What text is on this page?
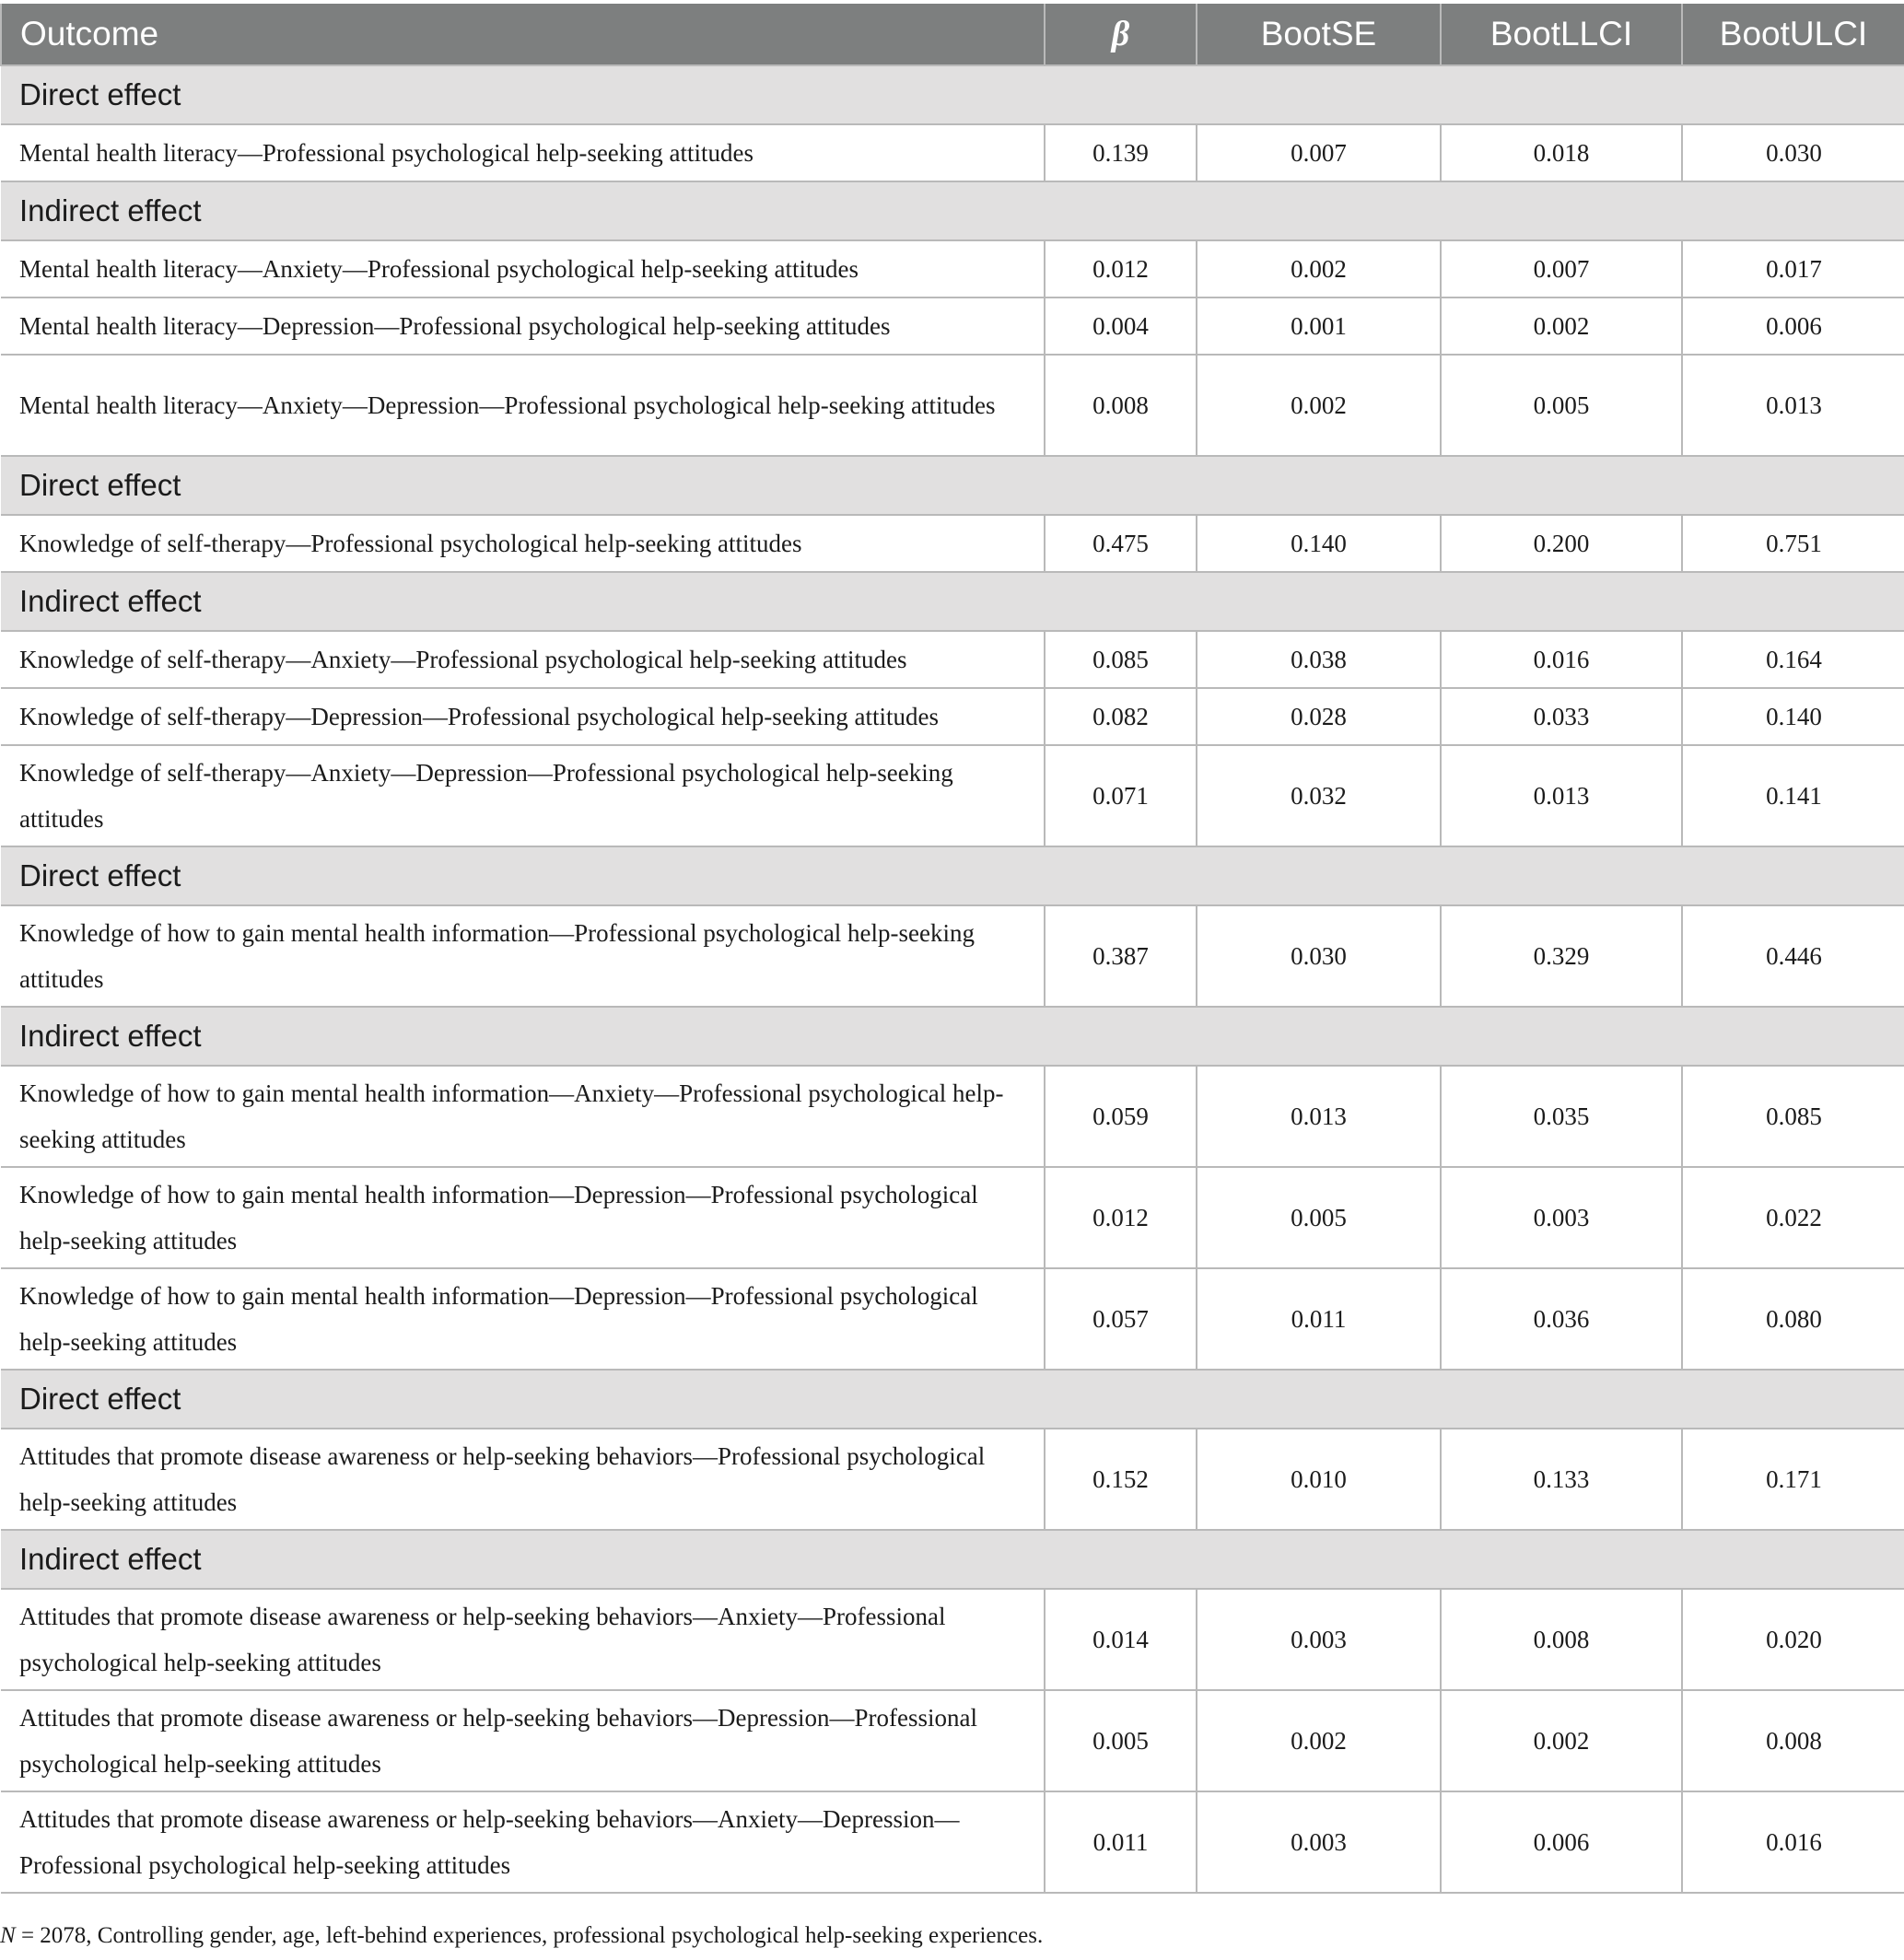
Outcome	β	BootSE	BootLLCI	BootULCI
Direct effect				
Mental health literacy—Professional psychological help-seeking attitudes	0.139	0.007	0.018	0.030
Indirect effect				
Mental health literacy—Anxiety—Professional psychological help-seeking attitudes	0.012	0.002	0.007	0.017
Mental health literacy—Depression—Professional psychological help-seeking attitudes	0.004	0.001	0.002	0.006
Mental health literacy—Anxiety—Depression—Professional psychological help-seeking attitudes	0.008	0.002	0.005	0.013
Direct effect				
Knowledge of self-therapy—Professional psychological help-seeking attitudes	0.475	0.140	0.200	0.751
Indirect effect				
Knowledge of self-therapy—Anxiety—Professional psychological help-seeking attitudes	0.085	0.038	0.016	0.164
Knowledge of self-therapy—Depression—Professional psychological help-seeking attitudes	0.082	0.028	0.033	0.140
Knowledge of self-therapy—Anxiety—Depression—Professional psychological help-seeking attitudes	0.071	0.032	0.013	0.141
Direct effect				
Knowledge of how to gain mental health information—Professional psychological help-seeking attitudes	0.387	0.030	0.329	0.446
Indirect effect				
Knowledge of how to gain mental health information—Anxiety—Professional psychological help-seeking attitudes	0.059	0.013	0.035	0.085
Knowledge of how to gain mental health information—Depression—Professional psychological help-seeking attitudes	0.012	0.005	0.003	0.022
Knowledge of how to gain mental health information—Depression—Professional psychological help-seeking attitudes	0.057	0.011	0.036	0.080
Direct effect				
Attitudes that promote disease awareness or help-seeking behaviors—Professional psychological help-seeking attitudes	0.152	0.010	0.133	0.171
Indirect effect				
Attitudes that promote disease awareness or help-seeking behaviors—Anxiety—Professional psychological help-seeking attitudes	0.014	0.003	0.008	0.020
Attitudes that promote disease awareness or help-seeking behaviors—Depression—Professional psychological help-seeking attitudes	0.005	0.002	0.002	0.008
Attitudes that promote disease awareness or help-seeking behaviors—Anxiety—Depression—Professional psychological help-seeking attitudes	0.011	0.003	0.006	0.016
N = 2078, Controlling gender, age, left-behind experiences, professional psychological help-seeking experiences.
